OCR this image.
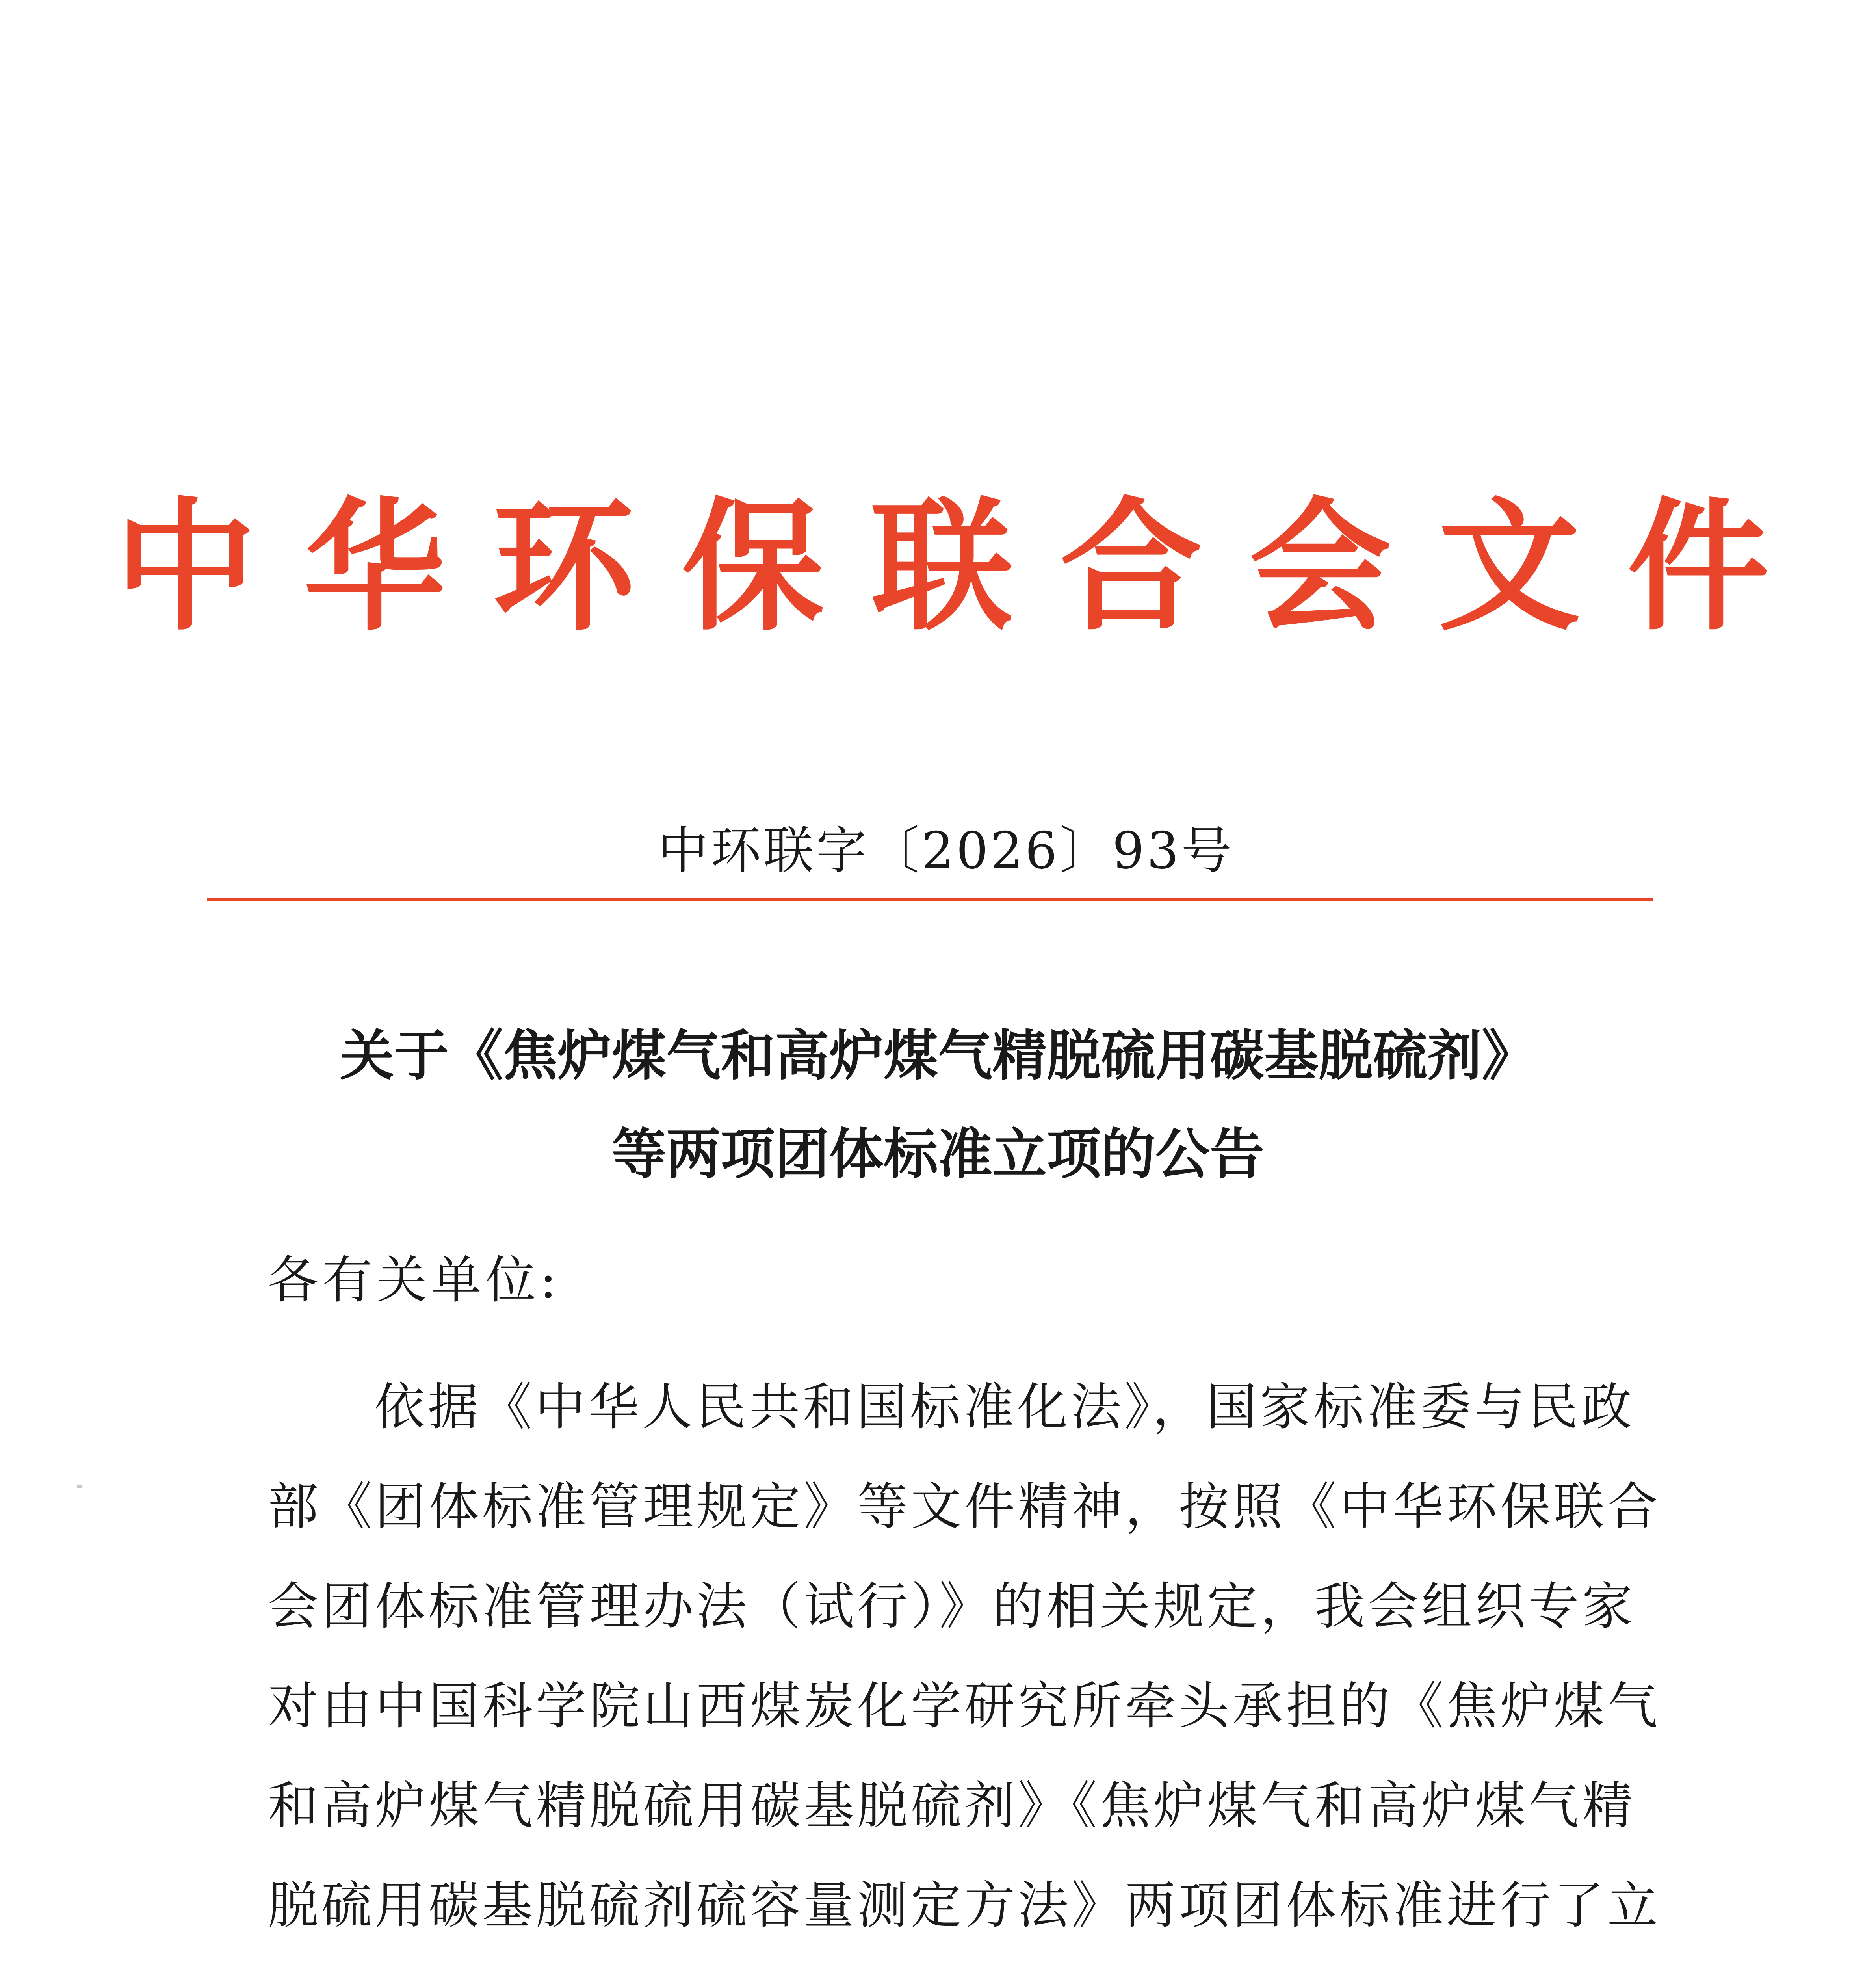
中华环保联合会文件
中环联字〔2026〕93号
关于《焦炉煤气和高炉煤气精脱硫用碳基脱硫剂》
等两项团体标准立项的公告
各有关单位:
依据《中华人民共和国标准化法》，国家标准委与民政
部《团体标准管理规定》等文件精神，按照《中华环保联合
会团体标准管理办法（试行）》的相关规定，我会组织专家
对由中国科学院山西煤炭化学研究所牵头承担的《焦炉煤气
和高炉煤气精脱硫用碳基脱硫剂》《焦炉煤气和高炉煤气精
脱硫用碳基脱硫剂硫容量测定方法》两项团体标准进行了立
